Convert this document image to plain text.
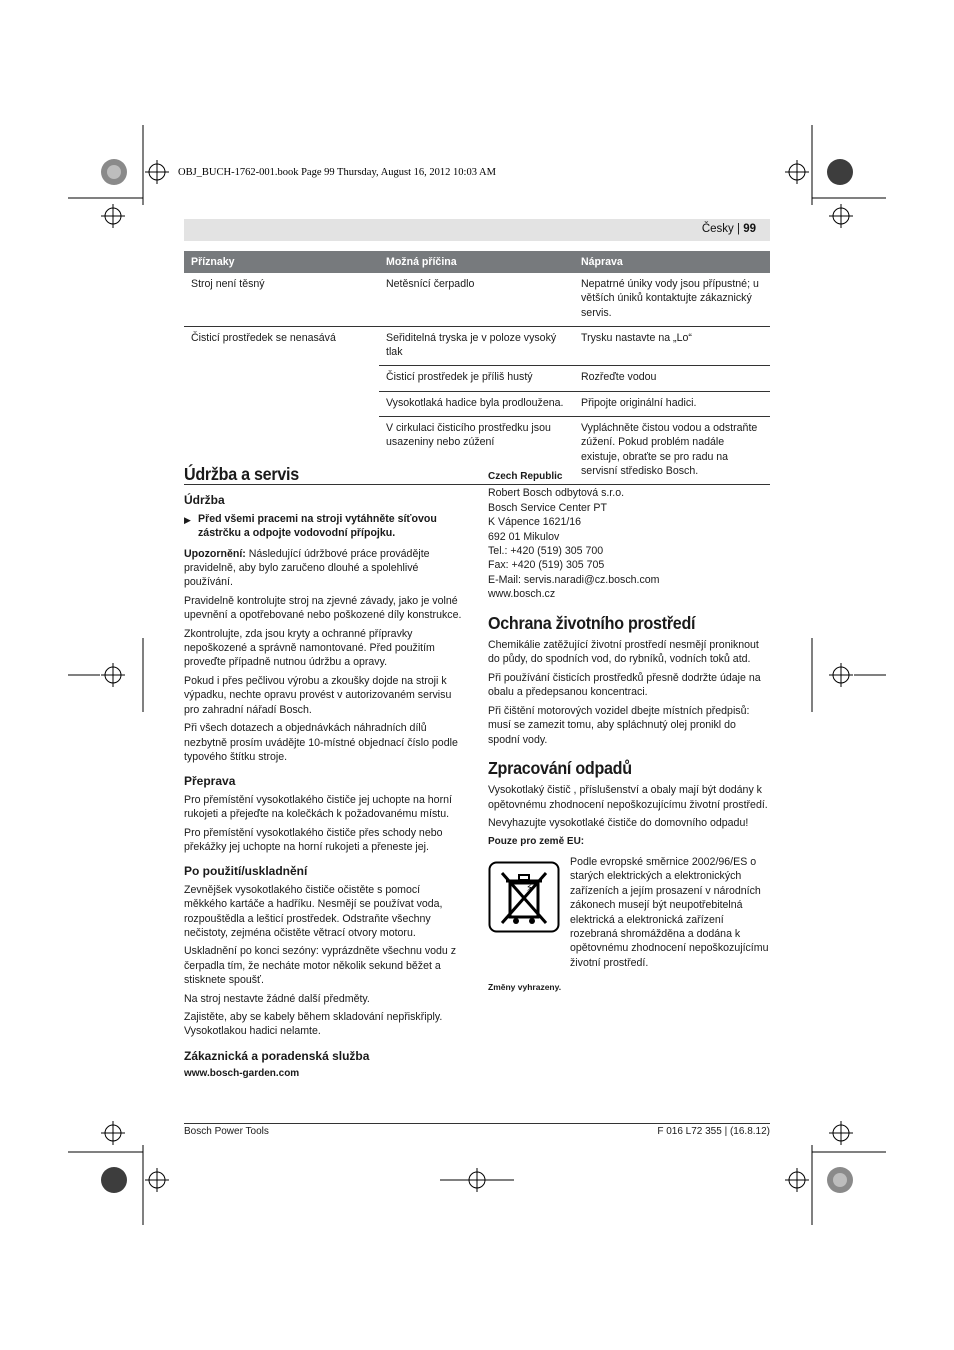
OBJ_BUCH-1762-001.book Page 99 Thursday, August 16, 2012 10:03 AM
Česky | 99
Příznaky	Možná příčina	Náprava
Stroj není těsný	Netěsnící čerpadlo	Nepatrné úniky vody jsou přípustné; u větších úniků kontaktujte zákaznický servis.
Čisticí prostředek se nenasává	Seřiditelná tryska je v poloze vysoký tlak	Trysku nastavte na „Lo“
	Čisticí prostředek je příliš hustý	Rozřeďte vodou
	Vysokotlaká hadice byla prodloužena.	Připojte originální hadici.
	V cirkulaci čisticího prostředku jsou usazeniny nebo zúžení	Vypláchněte čistou vodou a odstraňte zúžení. Pokud problém nadále existuje, obraťte se pro radu na servisní středisko Bosch.
Údržba a servis
Údržba
▶ Před všemi pracemi na stroji vytáhněte síťovou zástrčku a odpojte vodovodní přípojku.

Upozornění: Následující údržbové práce provádějte pravidelně, aby bylo zaručeno dlouhé a spolehlivé používání.

Pravidelně kontrolujte stroj na zjevné závady, jako je volné upevnění a opotřebované nebo poškozené díly konstrukce.

Zkontrolujte, zda jsou kryty a ochranné přípravky nepoškozené a správně namontované. Před použitím proveďte případně nutnou údržbu a opravy.

Pokud i přes pečlivou výrobu a zkoušky dojde na stroji k výpadku, nechte opravu provést v autorizovaném servisu pro zahradní nářadí Bosch.

Při všech dotazech a objednávkách náhradních dílů nezbytně prosím uvádějte 10-místné objednací číslo podle typového štítku stroje.

Přeprava

Pro přemístění vysokotlakého čističe jej uchopte na horní rukojeti a přejeďte na kolečkách k požadovanému místu.

Pro přemístění vysokotlakého čističe přes schody nebo překážky jej uchopte na horní rukojeti a přeneste jej.

Po použití/uskladnění

Zevnějšek vysokotlakého čističe očistěte s pomocí měkkého kartáče a hadříku. Nesmějí se používat voda, rozpouštědla a lešticí prostředek. Odstraňte všechny nečistoty, zejména očistěte větrací otvory motoru.

Uskladnění po konci sezóny: vyprázdněte všechnu vodu z čerpadla tím, že necháte motor několik sekund běžet a stisknete spoušť.

Na stroj nestavte žádné další předměty.

Zajistěte, aby se kabely během skladování nepřiskřiply. Vysokotlakou hadici nelamte.

Zákaznická a poradenská služba

www.bosch-garden.com

Czech Republic

Robert Bosch odbytová s.r.o.
Bosch Service Center PT
K Vápence 1621/16
692 01 Mikulov
Tel.: +420 (519) 305 700
Fax: +420 (519) 305 705
E-Mail: servis.naradi@cz.bosch.com
www.bosch.cz
Ochrana životního prostředí

Chemikálie zatěžující životní prostředí nesmějí proniknout do půdy, do spodních vod, do rybníků, vodních toků atd.

Při používání čisticích prostředků přesně dodržte údaje na obalu a předepsanou koncentraci.

Při čištění motorových vozidel dbejte místních předpisů: musí se zamezit tomu, aby spláchnutý olej pronikl do spodní vody.

Zpracování odpadů

Vysokotlaký čistič , příslušenství a obaly mají být dodány k opětovnému zhodnocení nepoškozujícímu životní prostředí.

Nevyhazujte vysokotlaké čističe do domovního odpadu!

Pouze pro země EU:

⚡

Podle evropské směrnice 2002/96/ES o starých elektrických a elektronických zařízeních a jejím prosazení v národních zákonech musejí být neupotřebitelná elektrická a elektronická zařízení rozebraná shromážděna a dodána k opětovnému zhodnocení nepoškozujícímu životní prostředí.

Změny vyhrazeny.

Bosch Power Tools	F 016 L72 355 | (16.8.12)
